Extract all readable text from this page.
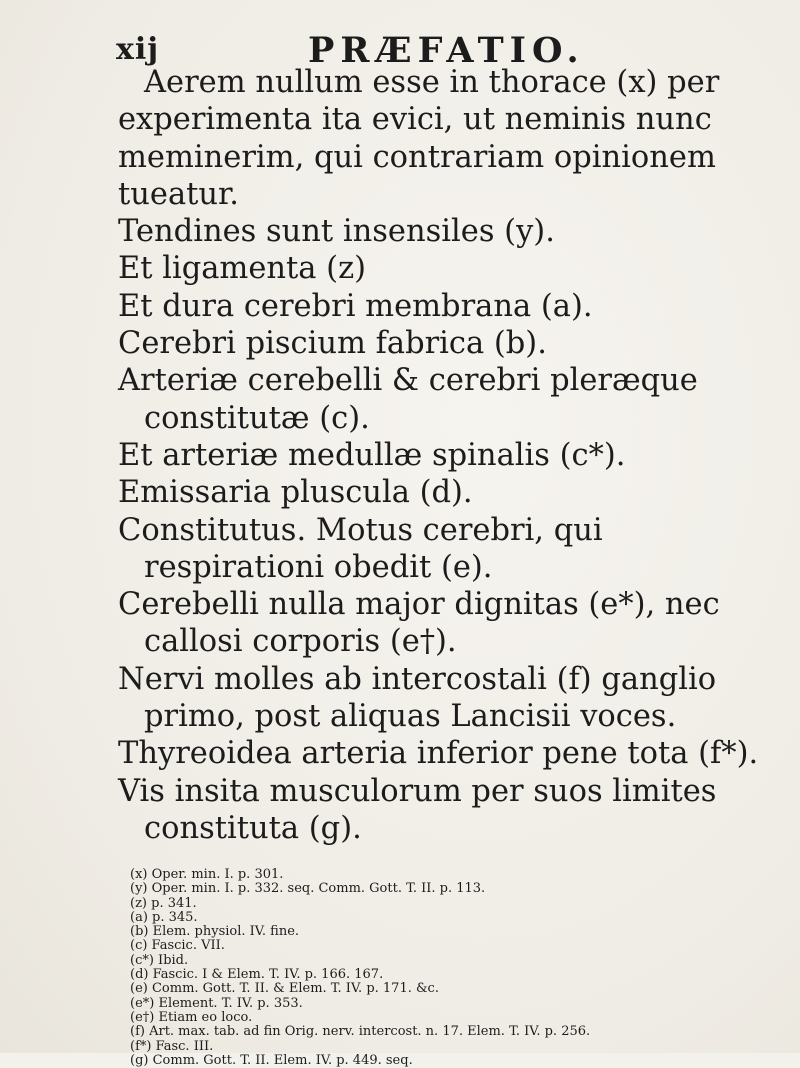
xij	PRÆFATIO.

Aerem nullum esse in thorace (x) per experimenta ita evici, ut neminis nunc meminerim, qui contrariam opinionem tueatur.

Tendines sunt insensiles (y).

Et ligamenta (z)

Et dura cerebri membrana (a).

Cerebri piscium fabrica (b).

Arteriæ cerebelli & cerebri pleræque constitutæ (c).

Et arteriæ medullæ spinalis (c*).

Emissaria pluscula (d).

Constitutus. Motus cerebri, qui respirationi obedit (e).

Cerebelli nulla major dignitas (e*), nec callosi corporis (e†).

Nervi molles ab intercostali (f) ganglio primo, post aliquas Lancisii voces.

Thyreoidea arteria inferior pene tota (f*).

Vis insita musculorum per suos limites constituta (g).

(x) Oper. min. I. p. 301.

(y) Oper. min. I. p. 332. seq. Comm. Gott. T. II. p. 113.

(z) p. 341.

(a) p. 345.

(b) Elem. physiol. IV. fine.

(c) Fascic. VII.

(c*) Ibid.

(d) Fascic. I & Elem. T. IV. p. 166. 167.

(e) Comm. Gott. T. II. & Elem. T. IV. p. 171. &c.

(e*) Element. T. IV. p. 353.

(e†) Etiam eo loco.

(f) Art. max. tab. ad fin Orig. nerv. intercost. n. 17. Elem. T. IV. p. 256.

(f*) Fasc. III.

(g) Comm. Gott. T. II. Elem. IV. p. 449. seq.
